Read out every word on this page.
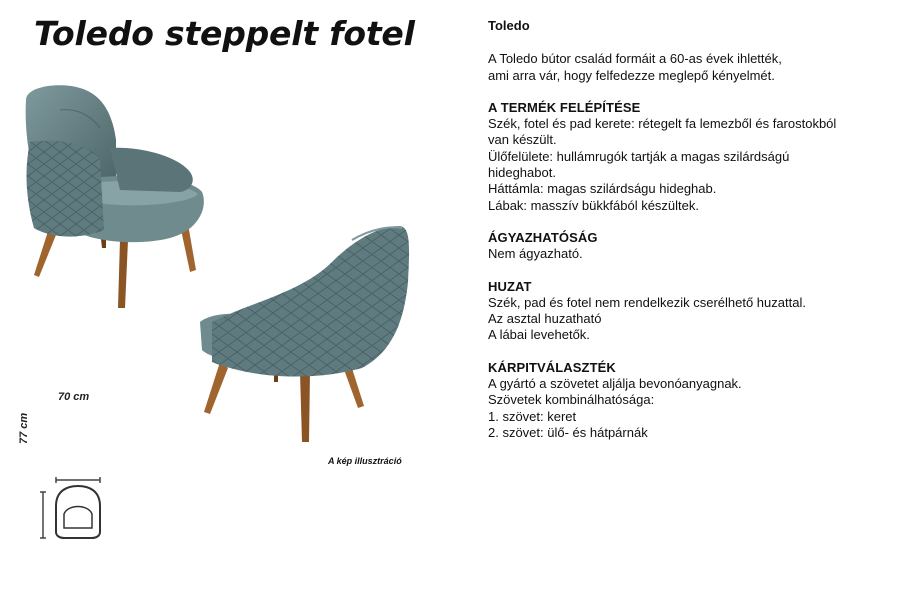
Toledo steppelt fotel
70 cm
77 cm
A kép illusztráció
Toledo
A Toledo bútor család formáit a 60-as évek ihlették,
ami arra vár, hogy felfedezze meglepő kényelmét.
A TERMÉK FELÉPÍTÉSE

Szék, fotel és pad kerete: rétegelt fa lemezből és farostokból

van készült.

Ülőfelülete: hullámrugók tartják a magas szilárdságú

hideghabot.

Háttámla: magas szilárdságu hideghab.

Lábak: masszív bükkfából készültek.

ÁGYAZHATÓSÁG

Nem ágyazható.

HUZAT

Szék, pad és fotel nem rendelkezik cserélhető huzattal.

Az asztal huzatható

A lábai levehetők.

KÁRPITVÁLASZTÉK

A gyártó a szövetet aljálja bevonóanyagnak.

Szövetek kombinálhatósága:

1. szövet: keret

2. szövet: ülő- és hátpárnák
